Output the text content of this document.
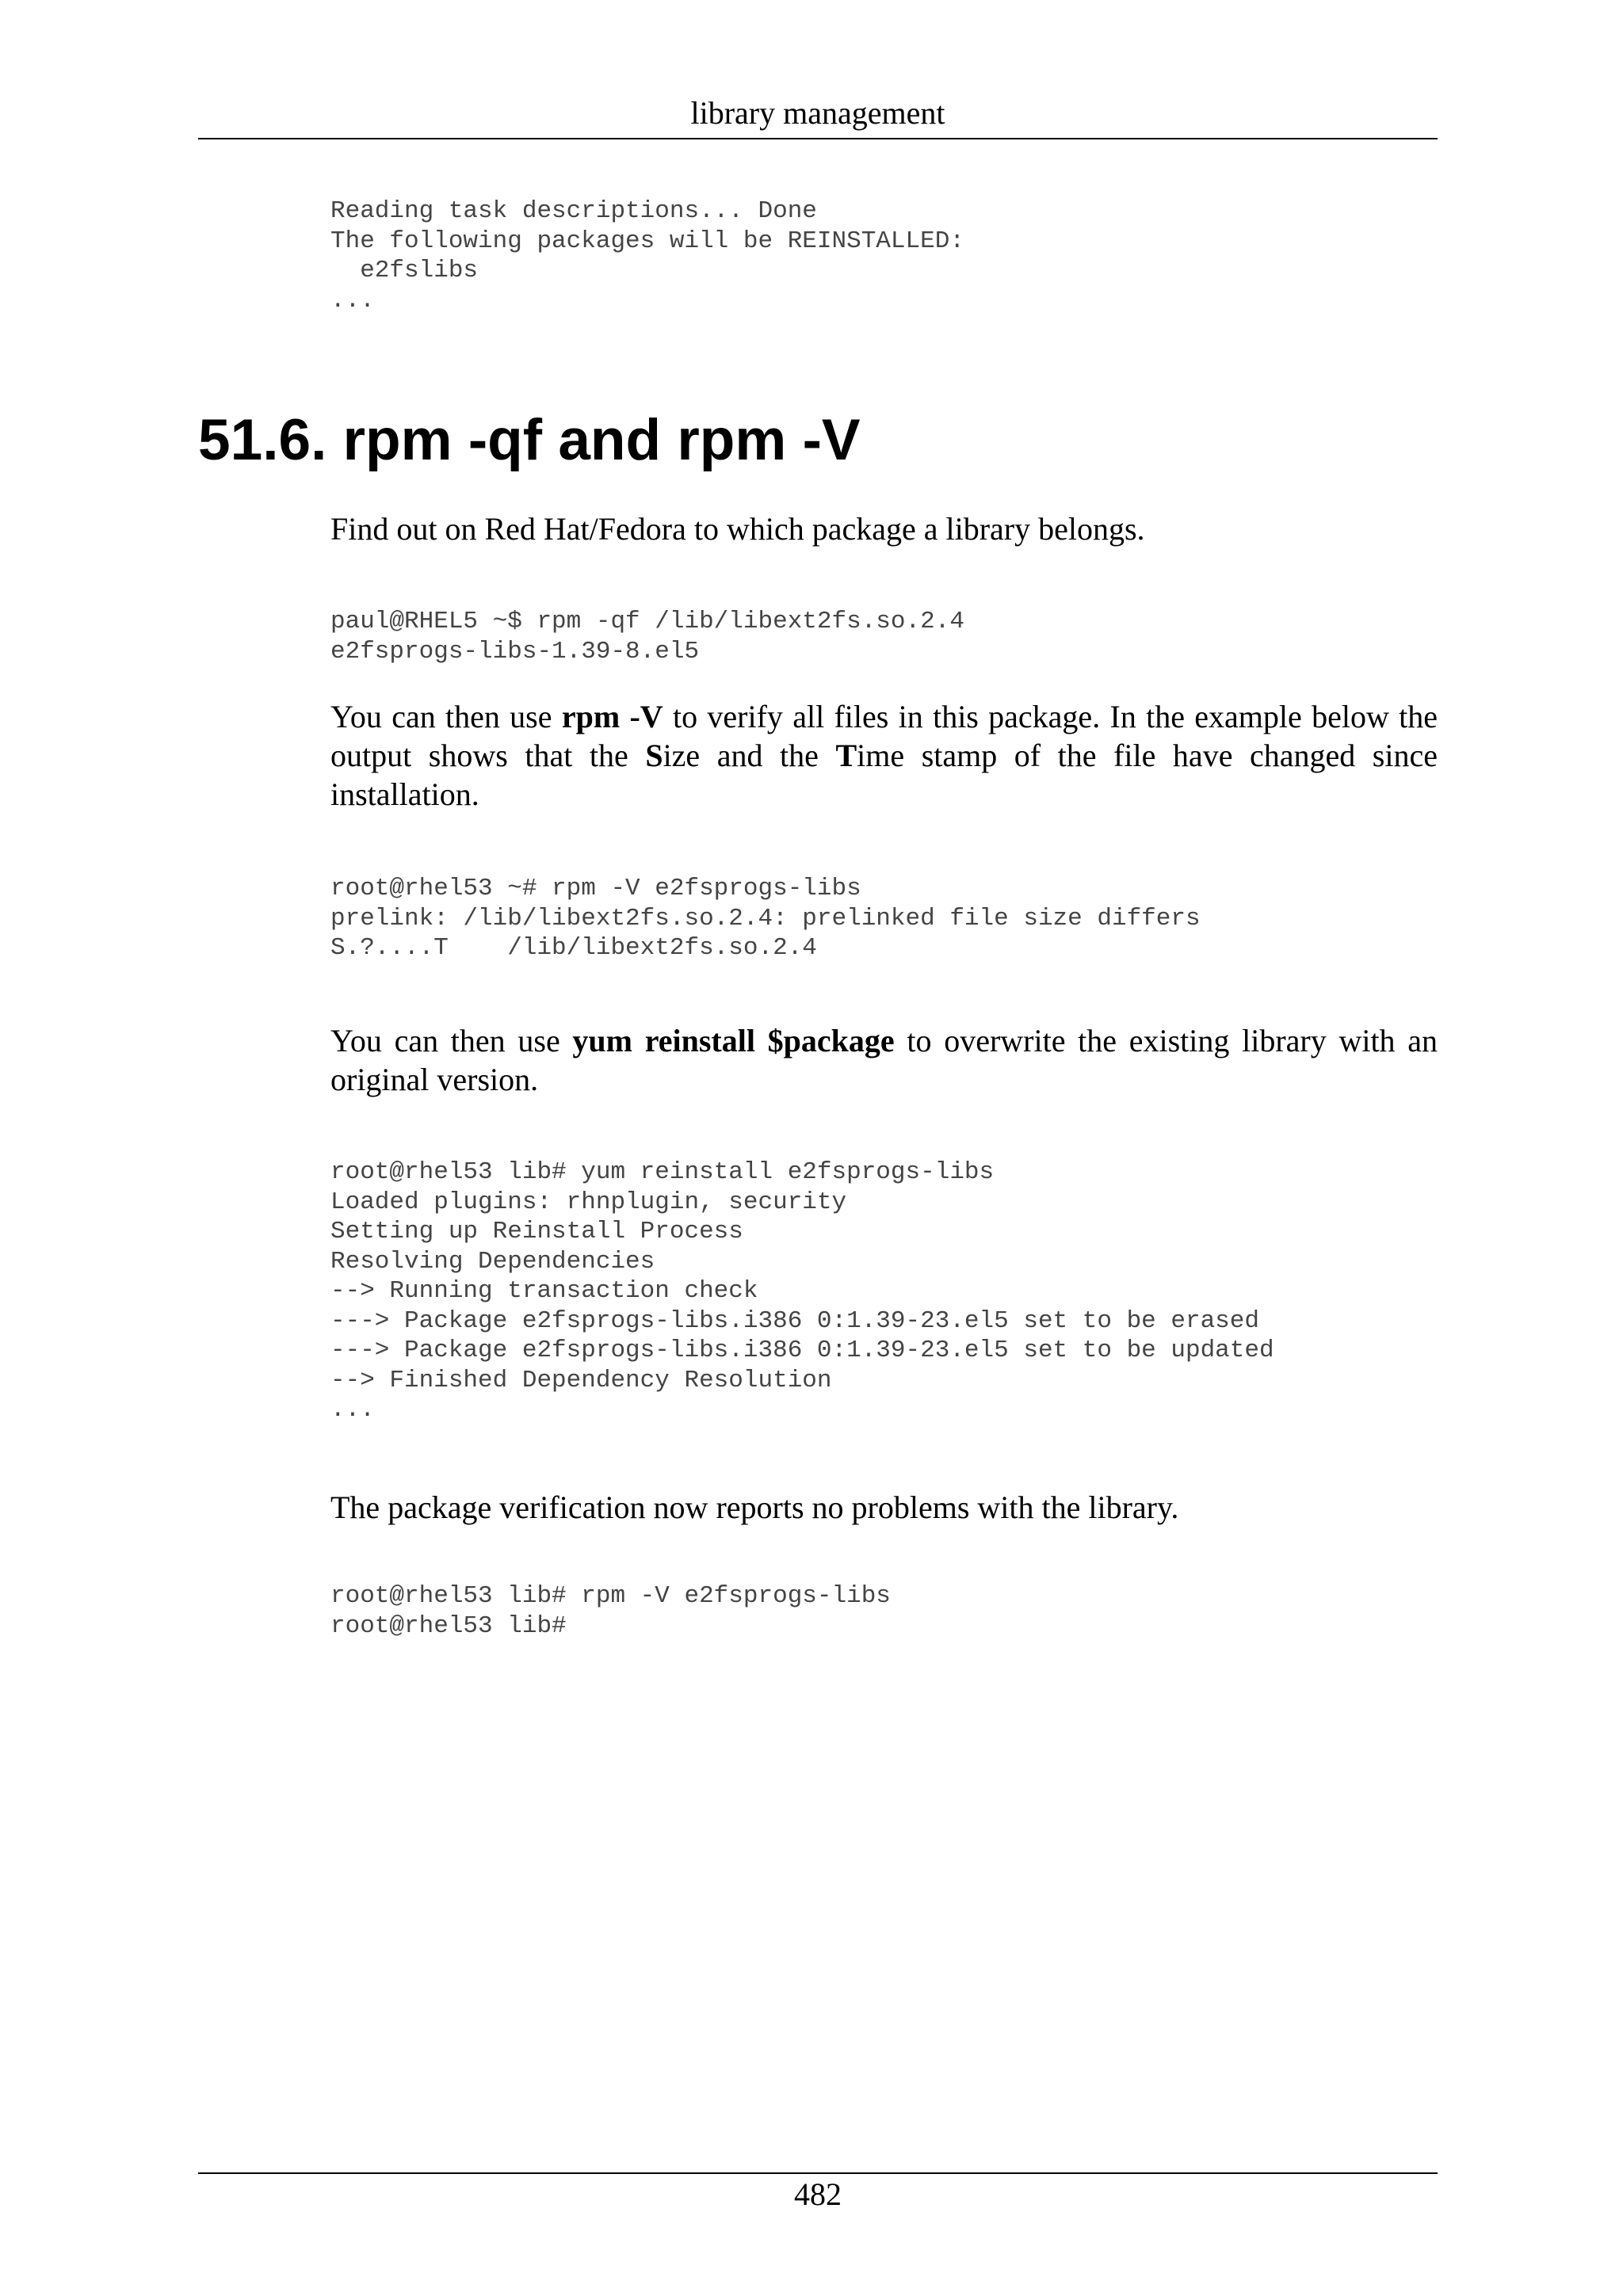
library management
Reading task descriptions... Done
The following packages will be REINSTALLED:
e2fslibs
...
51.6. rpm -qf and rpm -V

Find out on Red Hat/Fedora to which package a library belongs.

paul@RHEL5 ~$ rpm -qf /lib/libext2fs.so.2.4
e2fsprogs-libs-1.39-8.el5

You can then use rpm -V to verify all files in this package. In the example below the output shows that the Size and the Time stamp of the file have changed since installation.

root@rhel53 ~# rpm -V e2fsprogs-libs
prelink: /lib/libext2fs.so.2.4: prelinked file size differs
S.?....T    /lib/libext2fs.so.2.4

You can then use yum reinstall $package to overwrite the existing library with an original version.

root@rhel53 lib# yum reinstall e2fsprogs-libs
Loaded plugins: rhnplugin, security
Setting up Reinstall Process
Resolving Dependencies
--> Running transaction check
---> Package e2fsprogs-libs.i386 0:1.39-23.el5 set to be erased
---> Package e2fsprogs-libs.i386 0:1.39-23.el5 set to be updated
--> Finished Dependency Resolution
...

The package verification now reports no problems with the library.

root@rhel53 lib# rpm -V e2fsprogs-libs
root@rhel53 lib#
482
